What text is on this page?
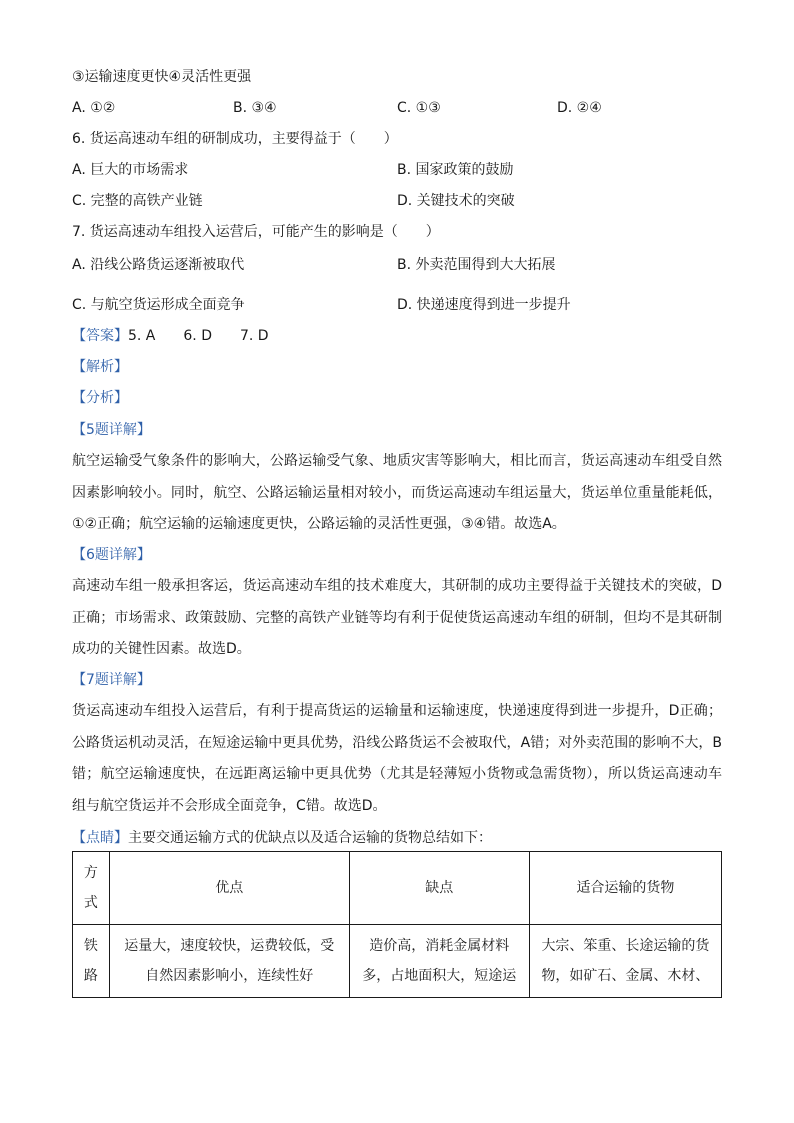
③运输速度更快④灵活性更强
A. ①②	B. ③④	C. ①③	D. ②④
6. 货运高速动车组的研制成功，主要得益于（　　）
A. 巨大的市场需求	B. 国家政策的鼓励
C. 完整的高铁产业链	D. 关键技术的突破
7. 货运高速动车组投入运营后，可能产生的影响是（　　）
A. 沿线公路货运逐渐被取代	B. 外卖范围得到大大拓展
C. 与航空货运形成全面竞争	D. 快递速度得到进一步提升
【答案】5. A　　6. D　　7. D
【解析】
【分析】
【5题详解】
航空运输受气象条件的影响大，公路运输受气象、地质灾害等影响大，相比而言，货运高速动车组受自然因素影响较小。同时，航空、公路运输运量相对较小，而货运高速动车组运量大，货运单位重量能耗低，①②正确；航空运输的运输速度更快，公路运输的灵活性更强，③④错。故选A。
【6题详解】
高速动车组一般承担客运，货运高速动车组的技术难度大，其研制的成功主要得益于关键技术的突破，D正确；市场需求、政策鼓励、完整的高铁产业链等均有利于促使货运高速动车组的研制，但均不是其研制成功的关键性因素。故选D。
【7题详解】
货运高速动车组投入运营后，有利于提高货运的运输量和运输速度，快递速度得到进一步提升，D正确；公路货运机动灵活，在短途运输中更具优势，沿线公路货运不会被取代，A错；对外卖范围的影响不大，B错；航空运输速度快，在远距离运输中更具优势（尤其是轻薄短小货物或急需货物），所以货运高速动车组与航空货运并不会形成全面竞争，C错。故选D。
【点睛】主要交通运输方式的优缺点以及适合运输的货物总结如下：
方式	优点	缺点	适合运输的货物

铁路	运量大，速度较快，运费较低，受自然因素影响小，连续性好	造价高，消耗金属材料多，占地面积大，短途运	大宗、笨重、长途运输的货物，如矿石、金属、木材、
